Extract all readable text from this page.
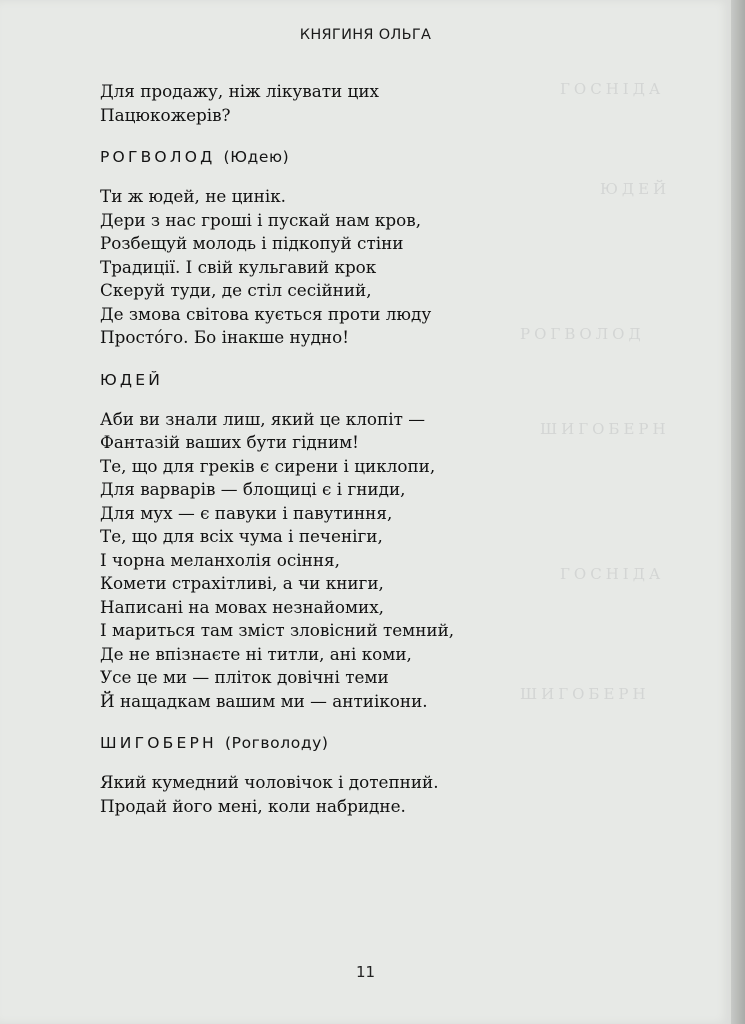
ГОСНІДА
ЮДЕЙ
РОГВОЛОД
ШИГОБЕРН
ГОСНІДА
ШИГОБЕРН
КНЯГИНЯ ОЛЬГА
Для продажу, ніж лікувати цих
Пацюкожерів?
РОГВОЛОД (Юдею)
Ти ж юдей, не цинік.
Дери з нас гроші і пускай нам кров,
Розбещуй молодь і підкопуй стіни
Традиції. І свій кульгавий крок
Скеруй туди, де стіл сесійний,
Де змова світова кується проти люду
Простóго. Бо інакше нудно!
ЮДЕЙ
Аби ви знали лиш, який це клопіт —
Фантазій ваших бути гідним!
Те, що для греків є сирени і циклопи,
Для варварів — блощиці є і гниди,
Для мух — є павуки і павутиння,
Те, що для всіх чума і печеніги,
І чорна меланхолія осіння,
Комети страхітливі, а чи книги,
Написані на мовах незнайомих,
І мариться там зміст зловісний темний,
Де не впізнаєте ні титли, ані коми,
Усе це ми — пліток довічні теми
Й нащадкам вашим ми — антиікони.
ШИГОБЕРН (Рогволоду)
Який кумедний чоловічок і дотепний.
Продай його мені, коли набридне.
11
